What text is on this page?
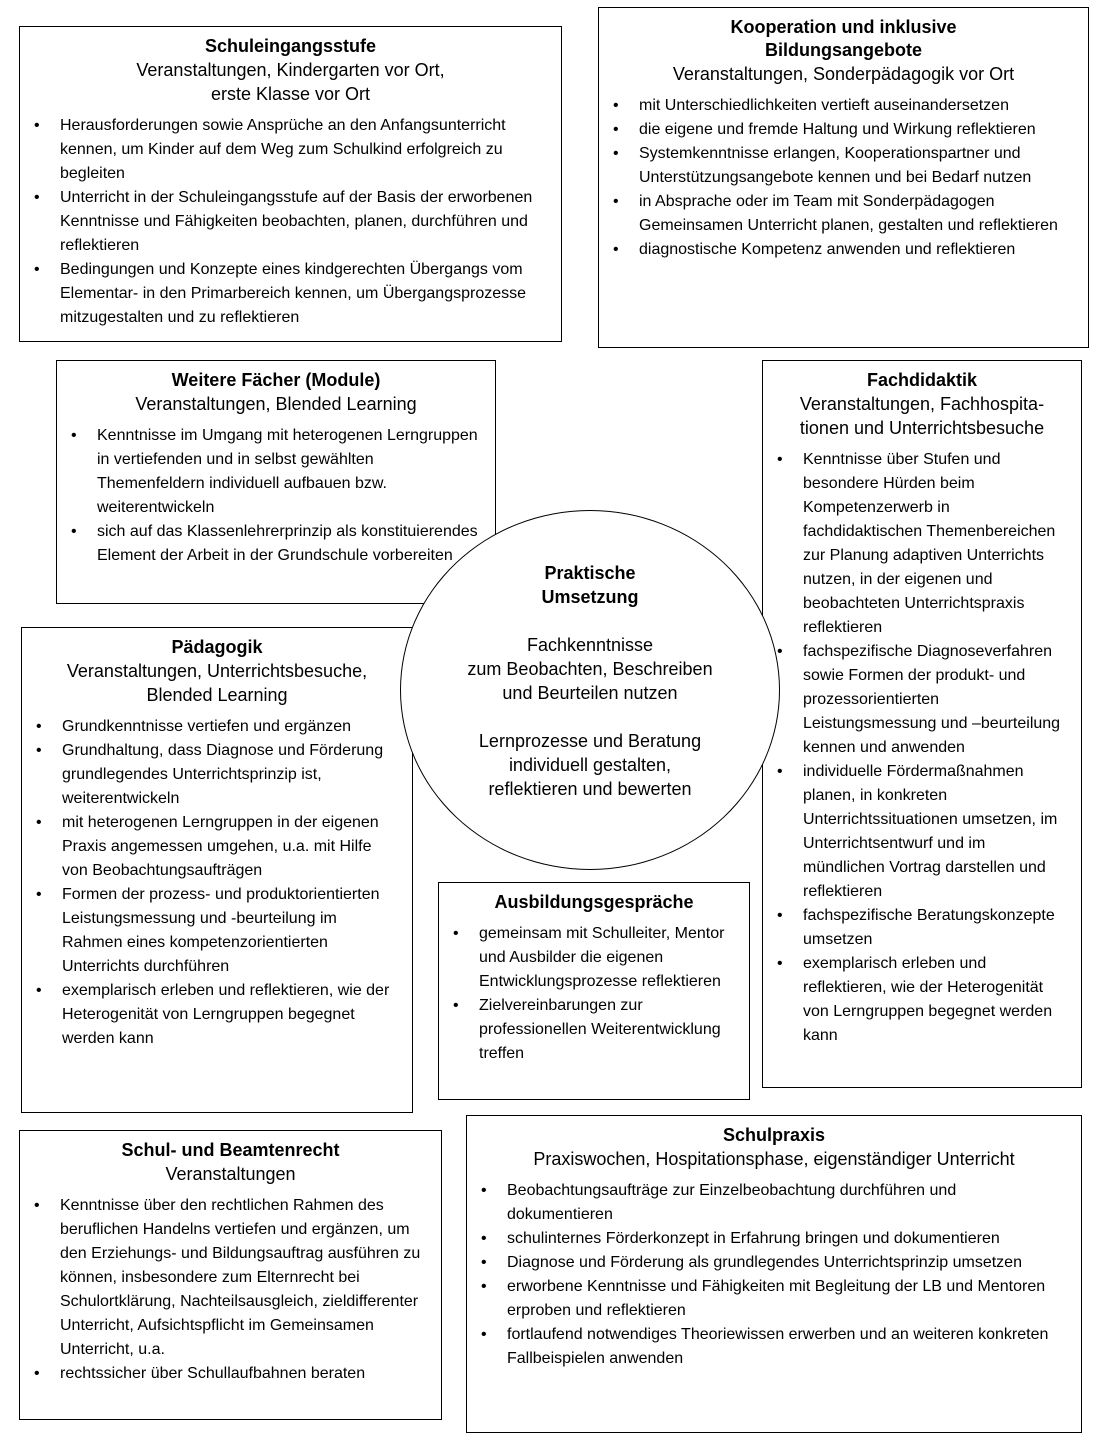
Schuleingangsstufe
Veranstaltungen, Kindergarten vor Ort,
erste Klasse vor Ort
• Herausforderungen sowie Ansprüche an den Anfangsunterricht kennen, um Kinder auf dem Weg zum Schulkind erfolgreich zu begleiten
• Unterricht in der Schuleingangsstufe auf der Basis der erworbenen Kenntnisse und Fähigkeiten beobachten, planen, durchführen und reflektieren
• Bedingungen und Konzepte eines kindgerechten Übergangs vom Elementar- in den Primarbereich kennen, um Übergangsprozesse mitzugestalten und zu reflektieren
Kooperation und inklusive
Bildungsangebote
Veranstaltungen, Sonderpädagogik vor Ort
• mit Unterschiedlichkeiten vertieft auseinandersetzen
• die eigene und fremde Haltung und Wirkung reflektieren
• Systemkenntnisse erlangen, Kooperationspartner und Unterstützungsangebote kennen und bei Bedarf nutzen
• in Absprache oder im Team mit Sonderpädagogen Gemeinsamen Unterricht planen, gestalten und reflektieren
• diagnostische Kompetenz anwenden und reflektieren
Weitere Fächer (Module)
Veranstaltungen, Blended Learning
• Kenntnisse im Umgang mit heterogenen Lerngruppen in vertiefenden und in selbst gewählten Themenfeldern individuell aufbauen bzw. weiterentwickeln
• sich auf das Klassenlehrerprinzip als konstituierendes Element der Arbeit in der Grundschule vorbereiten
Fachdidaktik
Veranstaltungen, Fachhospita-
tionen und Unterrichtsbesuche
• Kenntnisse über Stufen und besondere Hürden beim Kompetenzerwerb in fachdidaktischen Themenbereichen zur Planung adaptiven Unterrichts nutzen, in der eigenen und beobachteten Unterrichtspraxis reflektieren
• fachspezifische Diagnoseverfahren sowie Formen der produkt- und prozessorientierten Leistungsmessung und –beurteilung kennen und anwenden
• individuelle Fördermaßnahmen planen, in konkreten Unterrichtssituationen umsetzen, im Unterrichtsentwurf und im mündlichen Vortrag darstellen und reflektieren
• fachspezifische Beratungskonzepte umsetzen
• exemplarisch erleben und reflektieren, wie der Heterogenität von Lerngruppen begegnet werden kann
Pädagogik
Veranstaltungen, Unterrichtsbesuche,
Blended Learning
• Grundkenntnisse vertiefen und ergänzen
• Grundhaltung, dass Diagnose und Förderung grundlegendes Unterrichtsprinzip ist, weiterentwickeln
• mit heterogenen Lerngruppen in der eigenen Praxis angemessen umgehen, u.a. mit Hilfe von Beobachtungsaufträgen
• Formen der prozess- und produktorientierten Leistungsmessung und -beurteilung im Rahmen eines kompetenzorientierten Unterrichts durchführen
• exemplarisch erleben und reflektieren, wie der Heterogenität von Lerngruppen begegnet werden kann
Praktische
Umsetzung
Fachkenntnisse
zum Beobachten, Beschreiben
und Beurteilen nutzen
Lernprozesse und Beratung
individuell gestalten,
reflektieren und bewerten
Ausbildungsgespräche
• gemeinsam mit Schulleiter, Mentor und Ausbilder die eigenen Entwicklungsprozesse reflektieren
• Zielvereinbarungen zur professionellen Weiterentwicklung treffen
Schul- und Beamtenrecht
Veranstaltungen
• Kenntnisse über den rechtlichen Rahmen des beruflichen Handelns vertiefen und ergänzen, um den Erziehungs- und Bildungsauftrag ausführen zu können, insbesondere zum Elternrecht bei Schulortklärung, Nachteilsausgleich, zieldifferenter Unterricht, Aufsichtspflicht im Gemeinsamen Unterricht, u.a.
• rechtssicher über Schullaufbahnen beraten
Schulpraxis
Praxiswochen, Hospitationsphase, eigenständiger Unterricht
• Beobachtungsaufträge zur Einzelbeobachtung durchführen und dokumentieren
• schulinternes Förderkonzept in Erfahrung bringen und dokumentieren
• Diagnose und Förderung als grundlegendes Unterrichtsprinzip umsetzen
• erworbene Kenntnisse und Fähigkeiten mit Begleitung der LB und Mentoren erproben und reflektieren
• fortlaufend notwendiges Theoriewissen erwerben und an weiteren konkreten Fallbeispielen anwenden
